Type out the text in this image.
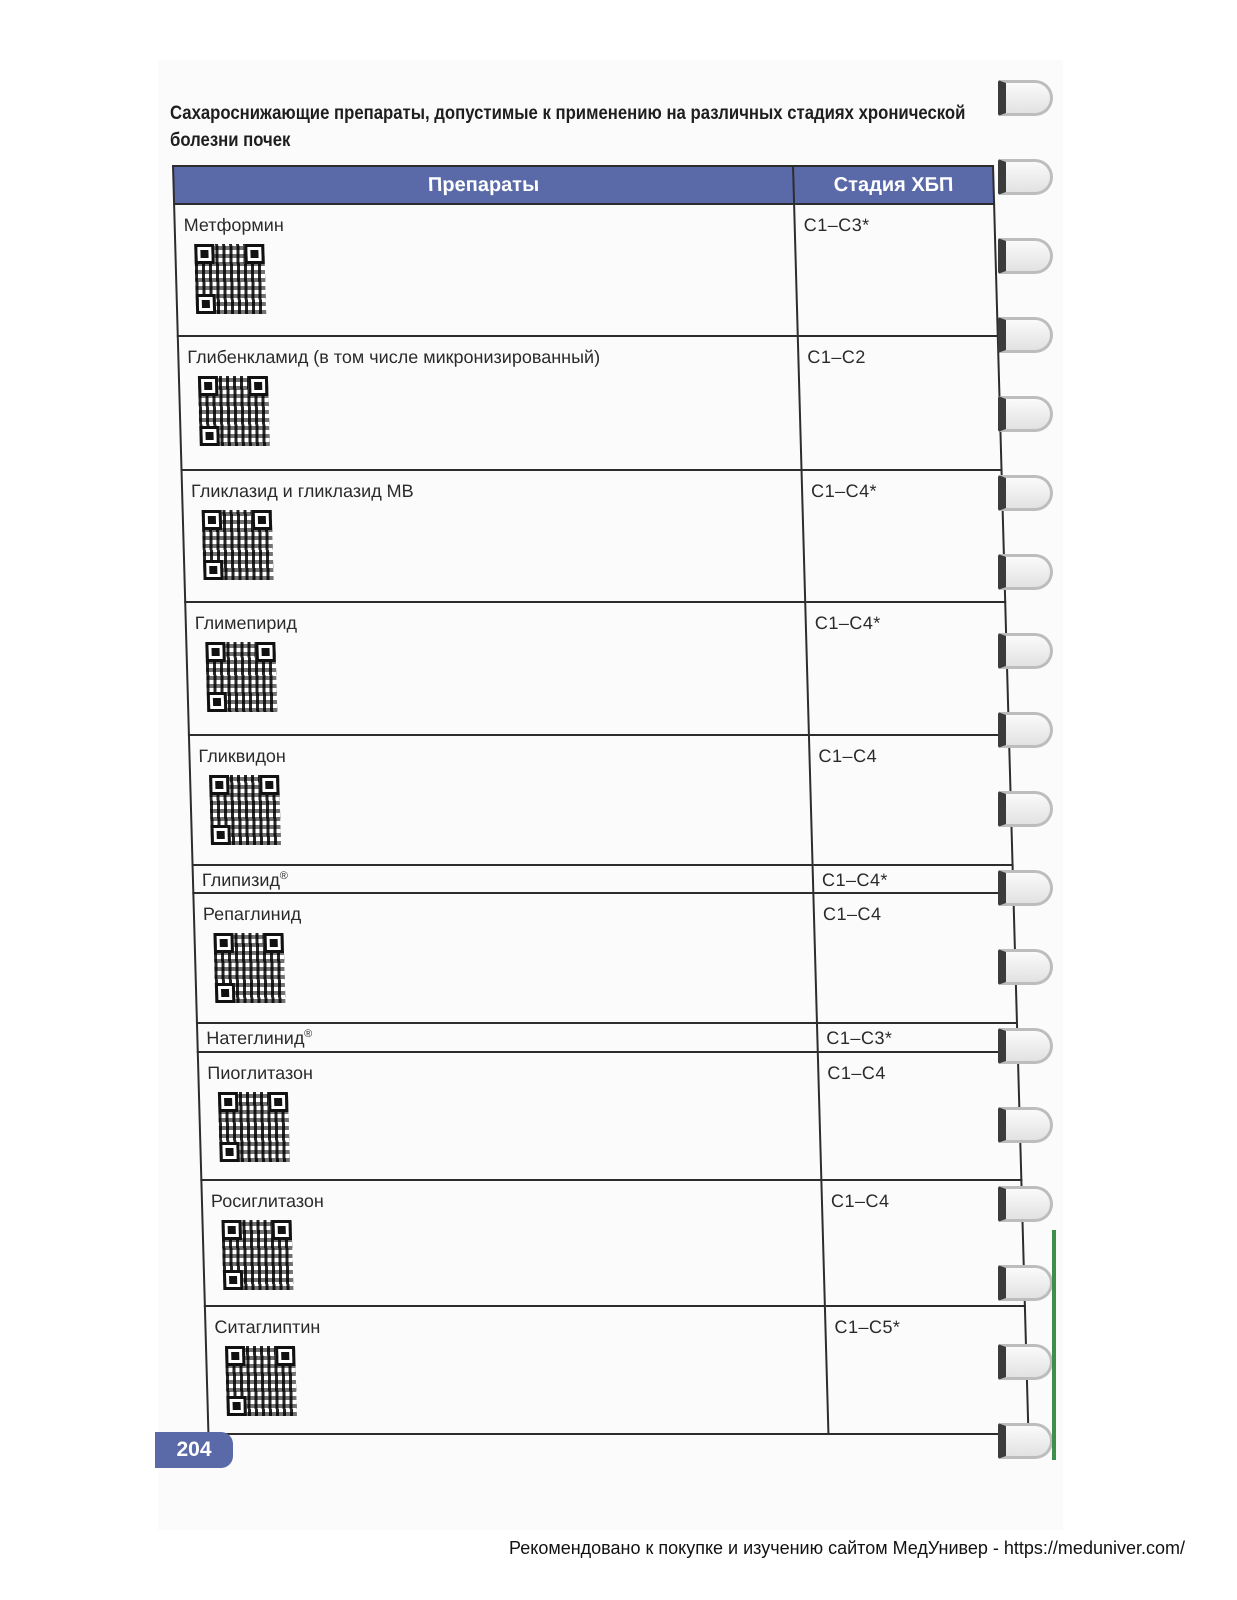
Сахароснижающие препараты, допустимые к применению на различных стадиях хронической болезни почек
Препараты	Стадия ХБП

Метформин	С1–С3*

Глибенкламид (в том числе микронизированный)	С1–С2

Гликлазид и гликлазид МВ	С1–С4*

Глимепирид	С1–С4*

Гликвидон	С1–С4
Глипизид®	С1–С4*

Репаглинид	С1–С4
Натеглинид®	С1–С3*

Пиоглитазон	С1–С4

Росиглитазон	С1–С4

Ситаглиптин	С1–С5*
204
Рекомендовано к покупке и изучению сайтом МедУнивер - https://meduniver.com/
